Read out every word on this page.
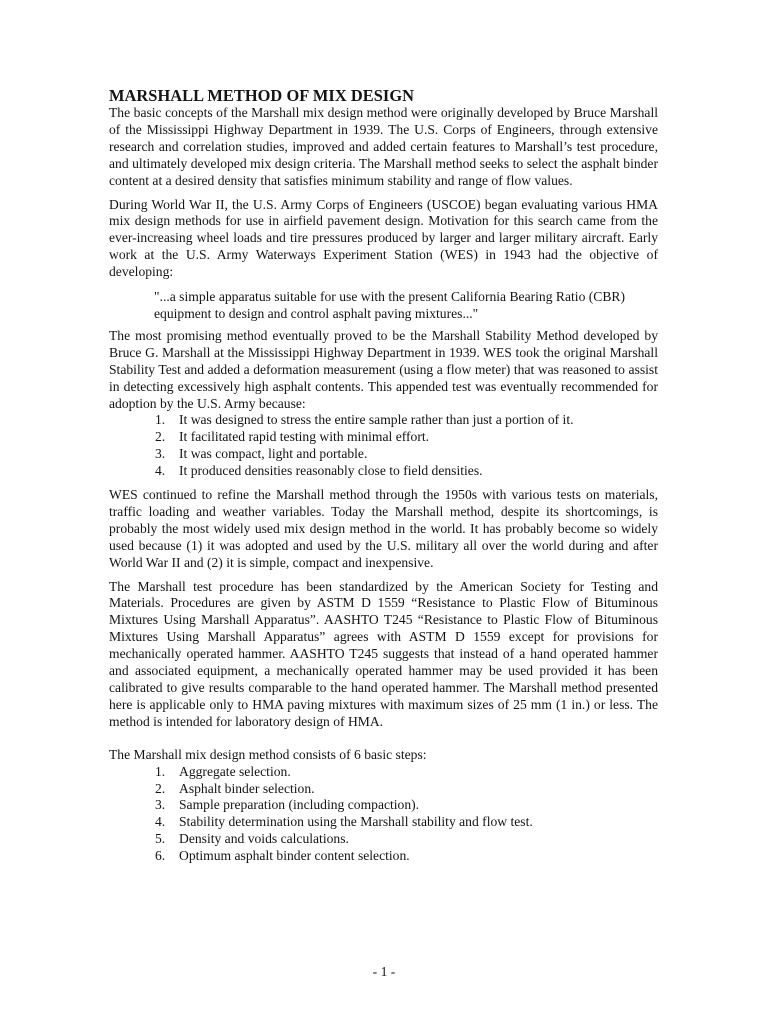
MARSHALL METHOD OF MIX DESIGN

The basic concepts of the Marshall mix design method were originally developed by Bruce Marshall of the Mississippi Highway Department in 1939. The U.S. Corps of Engineers, through extensive research and correlation studies, improved and added certain features to Marshall’s test procedure, and ultimately developed mix design criteria. The Marshall method seeks to select the asphalt binder content at a desired density that satisfies minimum stability and range of flow values.

During World War II, the U.S. Army Corps of Engineers (USCOE) began evaluating various HMA mix design methods for use in airfield pavement design. Motivation for this search came from the ever-increasing wheel loads and tire pressures produced by larger and larger military aircraft. Early work at the U.S. Army Waterways Experiment Station (WES) in 1943 had the objective of developing:

"...a simple apparatus suitable for use with the present California Bearing Ratio (CBR) equipment to design and control asphalt paving mixtures..."

The most promising method eventually proved to be the Marshall Stability Method developed by Bruce G. Marshall at the Mississippi Highway Department in 1939. WES took the original Marshall Stability Test and added a deformation measurement (using a flow meter) that was reasoned to assist in detecting excessively high asphalt contents. This appended test was eventually recommended for adoption by the U.S. Army because:

1. It was designed to stress the entire sample rather than just a portion of it.
2. It facilitated rapid testing with minimal effort.
3. It was compact, light and portable.
4. It produced densities reasonably close to field densities.

WES continued to refine the Marshall method through the 1950s with various tests on materials, traffic loading and weather variables. Today the Marshall method, despite its shortcomings, is probably the most widely used mix design method in the world. It has probably become so widely used because (1) it was adopted and used by the U.S. military all over the world during and after World War II and (2) it is simple, compact and inexpensive.

The Marshall test procedure has been standardized by the American Society for Testing and Materials. Procedures are given by ASTM D 1559 “Resistance to Plastic Flow of Bituminous Mixtures Using Marshall Apparatus”. AASHTO T245 “Resistance to Plastic Flow of Bituminous Mixtures Using Marshall Apparatus” agrees with ASTM D 1559 except for provisions for mechanically operated hammer. AASHTO T245 suggests that instead of a hand operated hammer and associated equipment, a mechanically operated hammer may be used provided it has been calibrated to give results comparable to the hand operated hammer. The Marshall method presented here is applicable only to HMA paving mixtures with maximum sizes of 25 mm (1 in.) or less. The method is intended for laboratory design of HMA.

The Marshall mix design method consists of 6 basic steps:

1. Aggregate selection.
2. Asphalt binder selection.
3. Sample preparation (including compaction).
4. Stability determination using the Marshall stability and flow test.
5. Density and voids calculations.
6. Optimum asphalt binder content selection.
- 1 -
